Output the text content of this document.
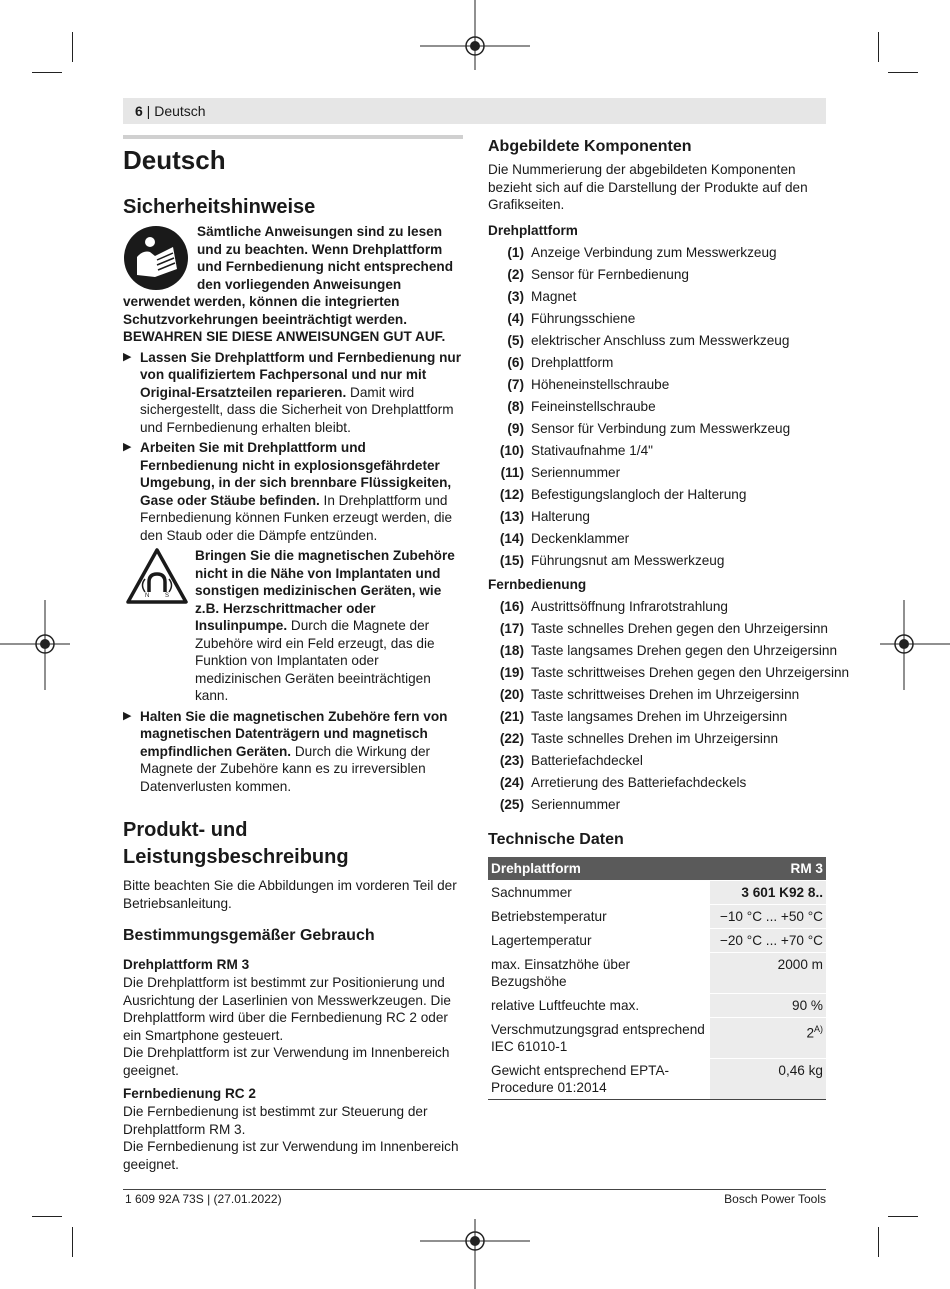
6 | Deutsch
Deutsch
Sicherheitshinweise

Sämtliche Anweisungen sind zu lesen und zu beachten. Wenn Drehplattform und Fernbedienung nicht entsprechend den vorliegenden Anweisungen verwendet werden, können die integrierten Schutzvorkehrungen beeinträchtigt werden. BEWAHREN SIE DIESE ANWEISUNGEN GUT AUF.

▶ Lassen Sie Drehplattform und Fernbedienung nur von qualifiziertem Fachpersonal und nur mit Original-Ersatzteilen reparieren. Damit wird sichergestellt, dass die Sicherheit von Drehplattform und Fernbedienung erhalten bleibt.
▶ Arbeiten Sie mit Drehplattform und Fernbedienung nicht in explosionsgefährdeter Umgebung, in der sich brennbare Flüssigkeiten, Gase oder Stäube befinden. In Drehplattform und Fernbedienung können Funken erzeugt werden, die den Staub oder die Dämpfe entzünden.
N	S
Bringen Sie die magnetischen Zubehöre nicht in die Nähe von Implantaten und sonstigen medizinischen Geräten, wie z.B. Herzschrittmacher oder Insulinpumpe. Durch die Magnete der Zubehöre wird ein Feld erzeugt, das die Funktion von Implantaten oder medizinischen Geräten beeinträchtigen kann.
▶ Halten Sie die magnetischen Zubehöre fern von magnetischen Datenträgern und magnetisch empfindlichen Geräten. Durch die Wirkung der Magnete der Zubehöre kann es zu irreversiblen Datenverlusten kommen.
Produkt- und
Leistungsbeschreibung

Bitte beachten Sie die Abbildungen im vorderen Teil der Betriebsanleitung.

Bestimmungsgemäßer Gebrauch
Drehplattform RM 3

Die Drehplattform ist bestimmt zur Positionierung und Ausrichtung der Laserlinien von Messwerkzeugen. Die Drehplattform wird über die Fernbedienung RC 2 oder ein Smartphone gesteuert.

Die Drehplattform ist zur Verwendung im Innenbereich geeignet.

Fernbedienung RC 2

Die Fernbedienung ist bestimmt zur Steuerung der Drehplattform RM 3.

Die Fernbedienung ist zur Verwendung im Innenbereich geeignet.

Abgebildete Komponenten

Die Nummerierung der abgebildeten Komponenten bezieht sich auf die Darstellung der Produkte auf den Grafikseiten.

Drehplattform
(1) Anzeige Verbindung zum Messwerkzeug
(2) Sensor für Fernbedienung
(3) Magnet
(4) Führungsschiene
(5) elektrischer Anschluss zum Messwerkzeug
(6) Drehplattform
(7) Höheneinstellschraube
(8) Feineinstellschraube
(9) Sensor für Verbindung zum Messwerkzeug
(10) Stativaufnahme 1/4"
(11) Seriennummer
(12) Befestigungslangloch der Halterung
(13) Halterung
(14) Deckenklammer
(15) Führungsnut am Messwerkzeug
Fernbedienung
(16) Austrittsöffnung Infrarotstrahlung
(17) Taste schnelles Drehen gegen den Uhrzeigersinn
(18) Taste langsames Drehen gegen den Uhrzeigersinn
(19) Taste schrittweises Drehen gegen den Uhrzeigersinn
(20) Taste schrittweises Drehen im Uhrzeigersinn
(21) Taste langsames Drehen im Uhrzeigersinn
(22) Taste schnelles Drehen im Uhrzeigersinn
(23) Batteriefachdeckel
(24) Arretierung des Batteriefachdeckels
(25) Seriennummer
Technische Daten
Drehplattform	RM 3
Sachnummer	3 601 K92 8..
Betriebstemperatur	−10 °C ... +50 °C
Lagertemperatur	−20 °C ... +70 °C
max. Einsatzhöhe über Bezugshöhe	2000 m
relative Luftfeuchte max.	90 %
Verschmutzungsgrad entsprechend IEC 61010-1	$2^{A)}$
Gewicht entsprechend EPTA-Procedure 01:2014	0,46 kg
1 609 92A 73S | (27.01.2022)	Bosch Power Tools
